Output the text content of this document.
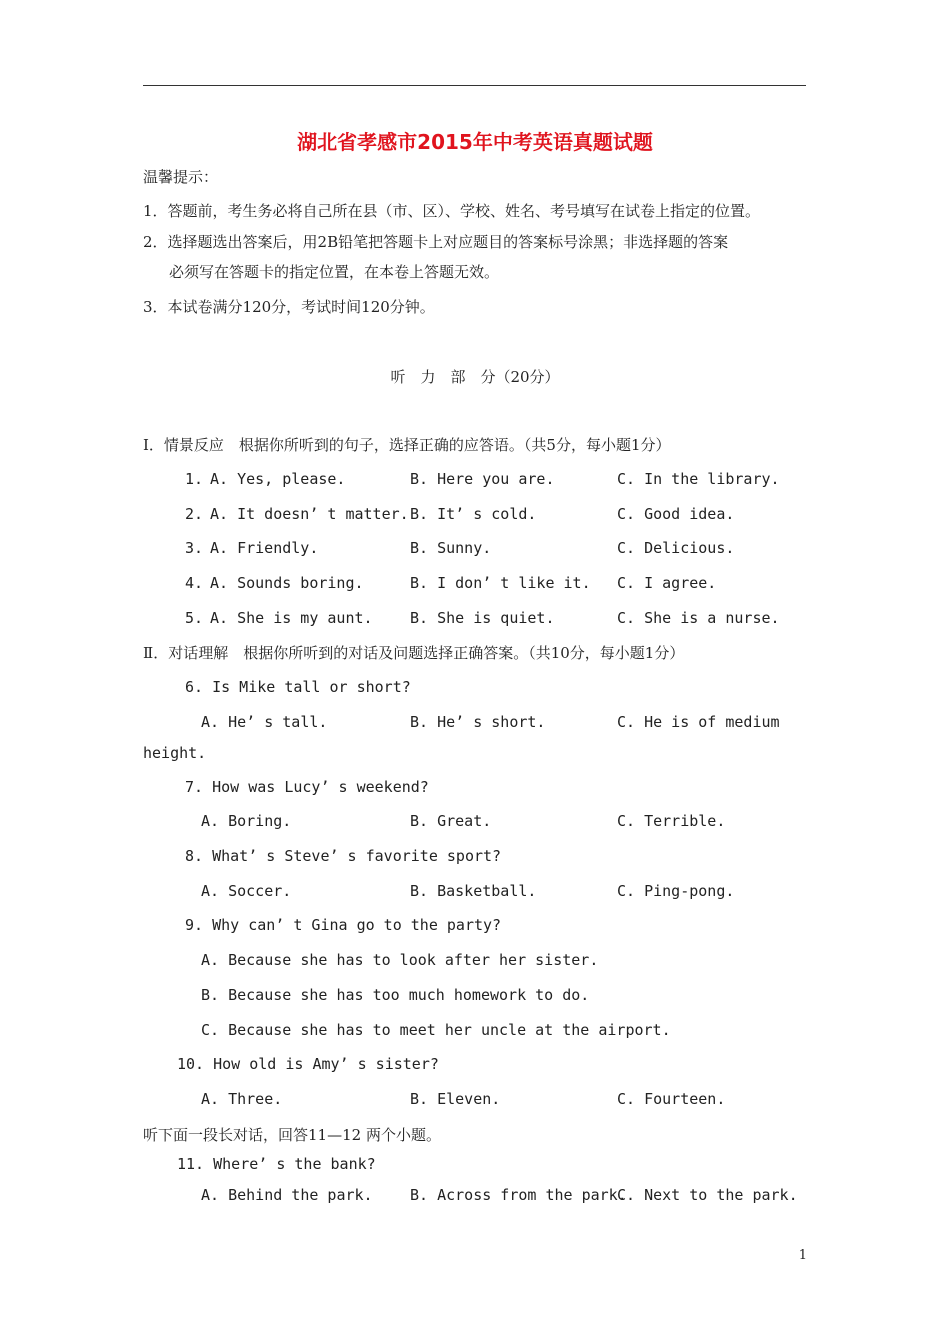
湖北省孝感市2015年中考英语真题试题
温馨提示：
1．答题前，考生务必将自己所在县（市、区）、学校、姓名、考号填写在试卷上指定的位置。
2．选择题选出答案后，用2B铅笔把答题卡上对应题目的答案标号涂黑；非选择题的答案
必须写在答题卡的指定位置，在本卷上答题无效。
3．本试卷满分120分，考试时间120分钟。
听　力　部　分（20分）
I．情景反应　根据你所听到的句子，选择正确的应答语。（共5分，每小题1分）
1. A. Yes, please.	B. Here you are.	C. In the library.
2. A. It doesn’ t matter. B. It’ s cold.	C. Good idea.
3. A. Friendly.	B. Sunny.	C. Delicious.
4. A. Sounds boring.	B. I don’ t like it. C. I agree.
5. A. She is my aunt. B. She is quiet.	C. She is a nurse.
Ⅱ．对话理解　根据你所听到的对话及问题选择正确答案。（共10分，每小题1分）
6. Is Mike tall or short?
A. He’ s tall.	B. He’ s short.	C. He is of medium
height.
7. How was Lucy’ s weekend?
A. Boring.	B. Great.	C. Terrible.
8. What’ s Steve’ s favorite sport?
A. Soccer.	B. Basketball.	C. Ping-pong.
9. Why can’ t Gina go to the party?
A. Because she has to look after her sister.
B. Because she has too much homework to do.
C. Because she has to meet her uncle at the airport.
10. How old is Amy’ s sister?
A. Three.	B. Eleven.	C. Fourteen.
听下面一段长对话，回答11—12 两个小题。
11. Where’ s the bank?
A. Behind the park. B. Across from the park.
C. Next to the park.
1
